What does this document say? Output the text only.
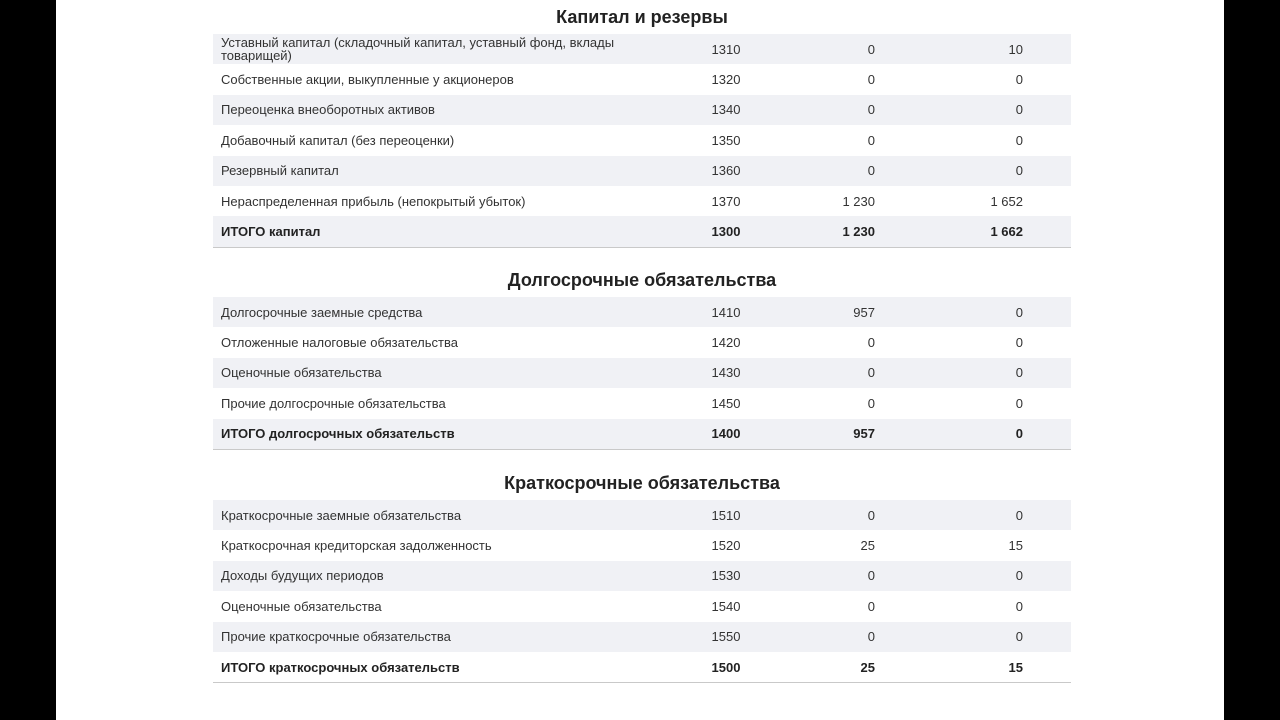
Капитал и резервы
Уставный капитал (складочный капитал, уставный фонд, вклады товарищей)	1310	0	10
Собственные акции, выкупленные у акционеров	1320	0	0
Переоценка внеоборотных активов	1340	0	0
Добавочный капитал (без переоценки)	1350	0	0
Резервный капитал	1360	0	0
Нераспределенная прибыль (непокрытый убыток)	1370	1 230	1 652
ИТОГО капитал	1300	1 230	1 662
Долгосрочные обязательства
Долгосрочные заемные средства	1410	957	0
Отложенные налоговые обязательства	1420	0	0
Оценочные обязательства	1430	0	0
Прочие долгосрочные обязательства	1450	0	0
ИТОГО долгосрочных обязательств	1400	957	0
Краткосрочные обязательства
Краткосрочные заемные обязательства	1510	0	0
Краткосрочная кредиторская задолженность	1520	25	15
Доходы будущих периодов	1530	0	0
Оценочные обязательства	1540	0	0
Прочие краткосрочные обязательства	1550	0	0
ИТОГО краткосрочных обязательств	1500	25	15
